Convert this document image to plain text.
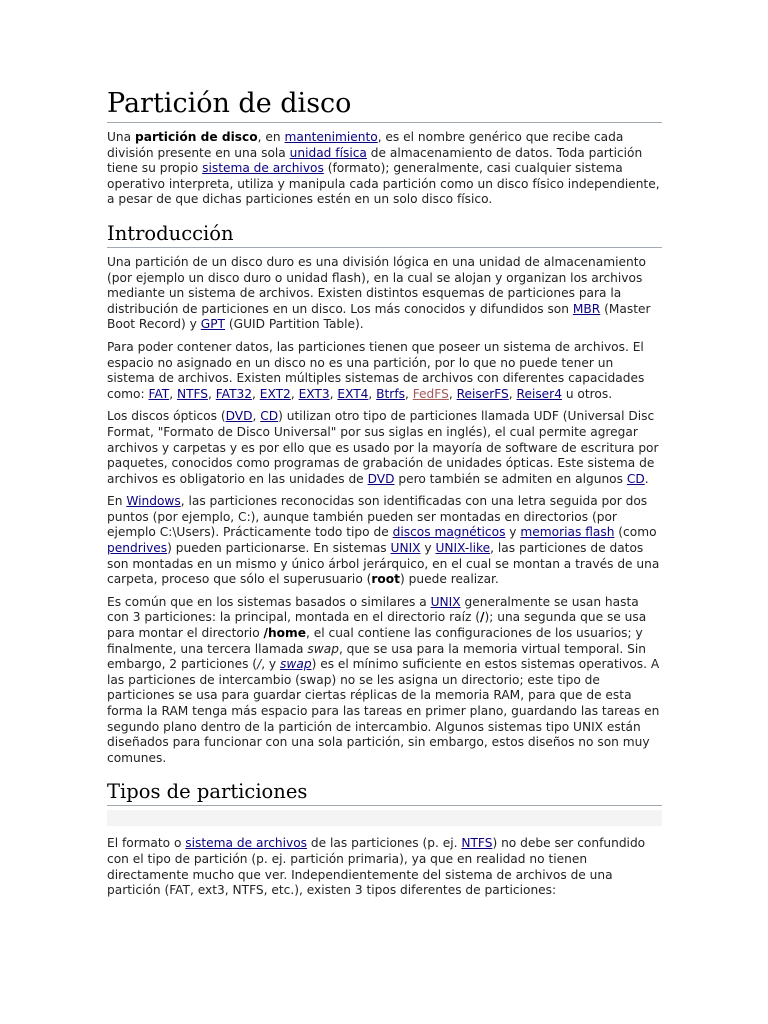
Partición de disco

Una partición de disco, en mantenimiento, es el nombre genérico que recibe cada división presente en una sola unidad física de almacenamiento de datos. Toda partición tiene su propio sistema de archivos (formato); generalmente, casi cualquier sistema operativo interpreta, utiliza y manipula cada partición como un disco físico independiente, a pesar de que dichas particiones estén en un solo disco físico.

Introducción

Una partición de un disco duro es una división lógica en una unidad de almacenamiento (por ejemplo un disco duro o unidad flash), en la cual se alojan y organizan los archivos mediante un sistema de archivos. Existen distintos esquemas de particiones para la distribución de particiones en un disco. Los más conocidos y difundidos son MBR (Master Boot Record) y GPT (GUID Partition Table).

Para poder contener datos, las particiones tienen que poseer un sistema de archivos. El espacio no asignado en un disco no es una partición, por lo que no puede tener un sistema de archivos. Existen múltiples sistemas de archivos con diferentes capacidades como: FAT, NTFS, FAT32, EXT2, EXT3, EXT4, Btrfs, FedFS, ReiserFS, Reiser4 u otros.

Los discos ópticos (DVD, CD) utilizan otro tipo de particiones llamada UDF (Universal Disc Format, "Formato de Disco Universal" por sus siglas en inglés), el cual permite agregar archivos y carpetas y es por ello que es usado por la mayoría de software de escritura por paquetes, conocidos como programas de grabación de unidades ópticas. Este sistema de archivos es obligatorio en las unidades de DVD pero también se admiten en algunos CD.

En Windows, las particiones reconocidas son identificadas con una letra seguida por dos puntos (por ejemplo, C:), aunque también pueden ser montadas en directorios (por ejemplo C:\Users). Prácticamente todo tipo de discos magnéticos y memorias flash (como pendrives) pueden particionarse. En sistemas UNIX y UNIX-like, las particiones de datos son montadas en un mismo y único árbol jerárquico, en el cual se montan a través de una carpeta, proceso que sólo el superusuario (root) puede realizar.

Es común que en los sistemas basados o similares a UNIX generalmente se usan hasta con 3 particiones: la principal, montada en el directorio raíz (/); una segunda que se usa para montar el directorio /home, el cual contiene las configuraciones de los usuarios; y finalmente, una tercera llamada swap, que se usa para la memoria virtual temporal. Sin embargo, 2 particiones (/, y swap) es el mínimo suficiente en estos sistemas operativos. A las particiones de intercambio (swap) no se les asigna un directorio; este tipo de particiones se usa para guardar ciertas réplicas de la memoria RAM, para que de esta forma la RAM tenga más espacio para las tareas en primer plano, guardando las tareas en segundo plano dentro de la partición de intercambio. Algunos sistemas tipo UNIX están diseñados para funcionar con una sola partición, sin embargo, estos diseños no son muy comunes.

Tipos de particiones

El formato o sistema de archivos de las particiones (p. ej. NTFS) no debe ser confundido con el tipo de partición (p. ej. partición primaria), ya que en realidad no tienen directamente mucho que ver. Independientemente del sistema de archivos de una partición (FAT, ext3, NTFS, etc.), existen 3 tipos diferentes de particiones:
